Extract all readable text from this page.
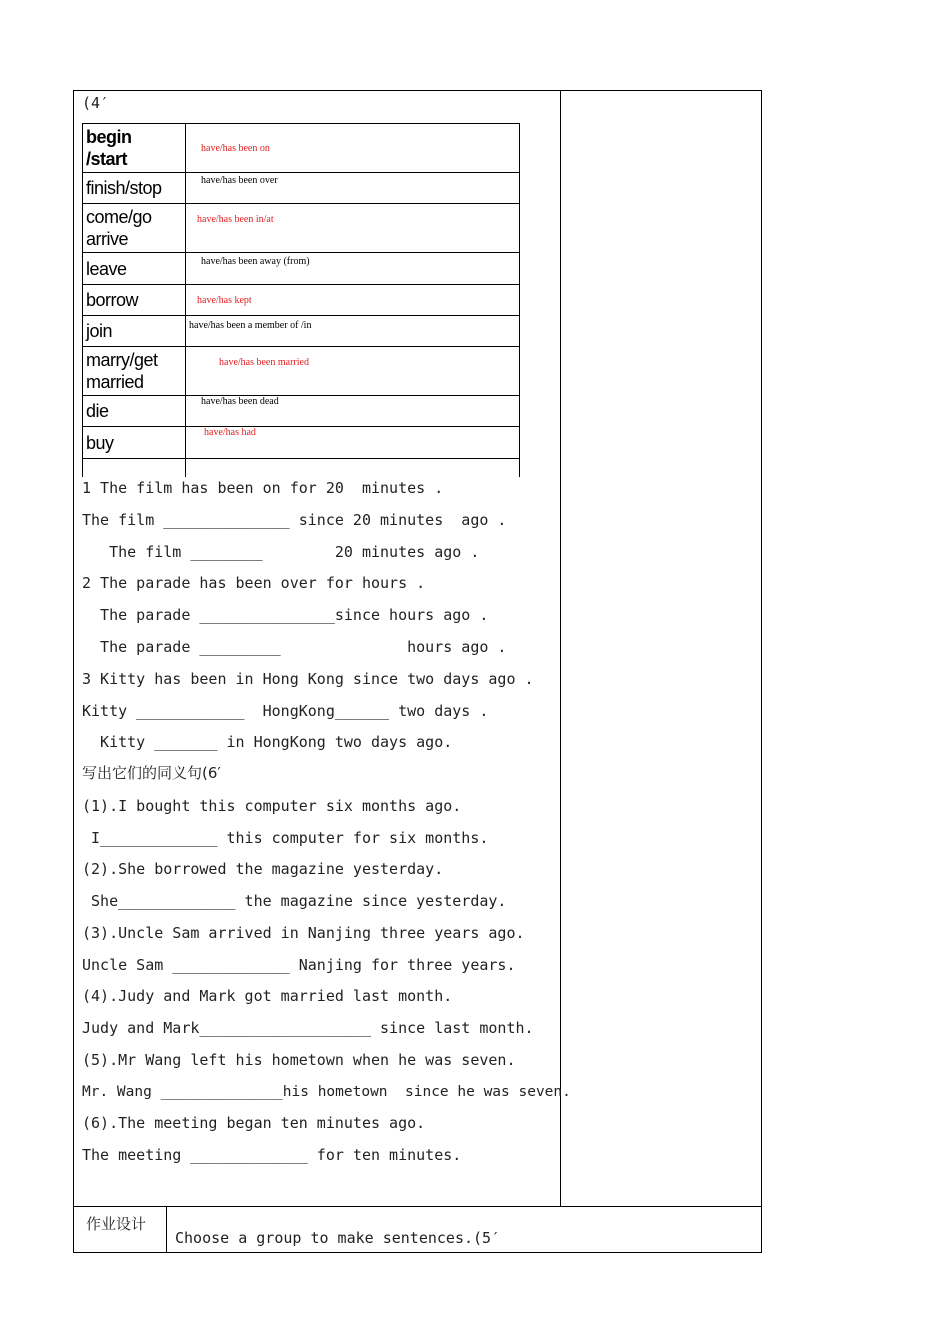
(4′
begin
/start	have/has been on
finish/stop	have/has been over
come/go
arrive	have/has been in/at
leave	have/has been away (from)
borrow	have/has kept
join	have/has been a member of /in
marry/get
married	have/has been married
die	have/has been dead
buy	have/has had

1 The film has been on for 20  minutes .
The film ______________ since 20 minutes  ago .
The film ________        20 minutes ago .
2 The parade has been over for hours .
The parade _______________since hours ago .
The parade _________              hours ago .
3 Kitty has been in Hong Kong since two days ago .
Kitty ____________  HongKong______ two days .
Kitty _______ in HongKong two days ago.
写出它们的同义句(6′
(1).I bought this computer six months ago.
I_____________ this computer for six months.
(2).She borrowed the magazine yesterday.
She_____________ the magazine since yesterday.
(3).Uncle Sam arrived in Nanjing three years ago.
Uncle Sam _____________ Nanjing for three years.
(4).Judy and Mark got married last month.
Judy and Mark___________________ since last month.
(5).Mr Wang left his hometown when he was seven.
Mr. Wang ______________his hometown  since he was seven.
(6).The meeting began ten minutes ago.
The meeting _____________ for ten minutes.
作业设计
Choose a group to make sentences.(5′
